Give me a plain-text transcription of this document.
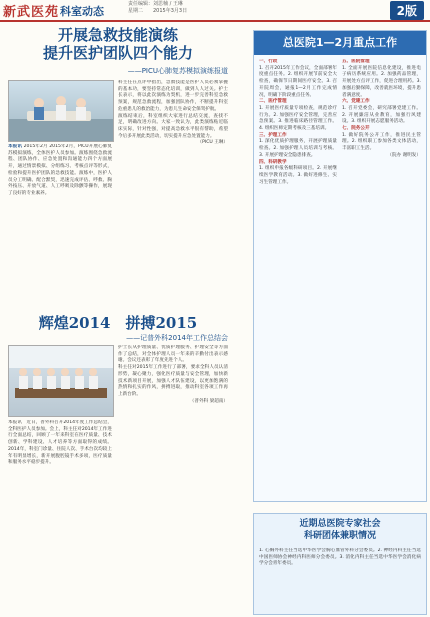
新武医苑 科室动态
责任编辑：刘思楠 / 王琳
星期二　　2015年3月3日	2版
开展急救技能演练
提升医护团队四个能力
——PICU心肺复苏模拟演练报道
本报讯 2015年2月 2015年2月，PICU开展心肺复苏模拟演练，全体医护人员参加。演练围绕急救流程、团队协作、应急处置和沟通能力四个方面展开，通过情景模拟、分组练习、考核点评等形式，检验和提升医护团队的急救技能。演练中，医护人员分工明确、配合默契，迅速完成评估、呼救、胸外按压、开放气道、人工呼吸及除颤等操作，展现了良好的专业素养。

科主任在点评中指出，急救技能是医护人员必须掌握的基本功，要坚持常态化培训，做到人人过关。护士长表示，将以此次演练为契机，进一步完善科室急救预案，规范急救流程，加强团队协作，不断提升科室危重患儿的救治能力，为患儿生命安全保驾护航。

演练结束后，科室组织大家进行总结交流，查找不足，明确改进方向。大家一致认为，此类演练贴近临床实际，针对性强，对提高急救水平很有帮助，希望今后多开展此类活动，切实提升应急处置能力。

（PICU 王琳）
辉煌2014　拼搏2015
——记普外科2014年工作总结会
本报讯　近日，普外科召开2014年度工作总结会，全科医护人员参加。会上，科主任对2014年工作进行全面总结，回顾了一年来科室在医疗质量、技术创新、学科建设、人才培养等方面取得的成绩。2014年，科室门诊量、住院人次、手术台次均较上年有明显增长，新开展腹腔镜手术多项，医疗质量和服务水平稳步提升。

护士长从护理质量、优质护理服务、护理安全等方面作了总结，对全体护理人员一年来的辛勤付出表示感谢。会议还表彰了年度先进个人。

科主任对2015年工作进行了部署，要求全科人员认清形势，凝心聚力，强化医疗质量与安全管理，加快新技术新项目开展，加强人才队伍建设，以更加饱满的热情和扎实的作风，拼搏进取，推动科室各项工作再上新台阶。

（普外科 梁超南）
总医院1—2月重点工作
一、行政
1. 召开2015年工作会议，全面部署年度重点任务。2. 组织开展节前安全大检查，确保节日期间医疗安全。3. 召开院周会，通报1—2月工作完成情况，明确下阶段重点任务。
二、医疗管理
1. 开展医疗质量专项检查，规范诊疗行为。2. 加强医疗安全管理，完善应急预案。3. 推进临床路径管理工作。4. 组织医师定期考核及三基培训。
三、护理工作
1. 深化优质护理服务，开展护理质量检查。2. 加强护理人员培训与考核。3. 开展护理安全隐患排查。
四、科研教学
1. 组织申报各级科研项目。2. 开展继续医学教育活动。3. 做好进修生、实习生管理工作。
五、医院管理
1. 全面开展医院信息化建设，推进电子病历系统应用。2. 加强药品管理，开展处方点评工作，促进合理用药。3. 加强后勤保障，改善就医环境，提升患者满意度。
六、党建工作
1. 召开党委会，研究部署党建工作。2. 开展廉洁从业教育，加强行风建设。3. 组织开展志愿服务活动。
七、院务公开
1. 做好院务公开工作，推进民主管理。2. 组织职工参加各类文体活动，丰富职工生活。
（院办 谢明发）
近期总医院专家社会
科研团体兼职情况
1. 心胸外科主任当选中华医学会胸心血管外科分会委员。2. 神经内科主任当选中国医师协会神经内科医师分会委员。3. 消化内科主任当选中华医学会消化病学分会青年委员。
